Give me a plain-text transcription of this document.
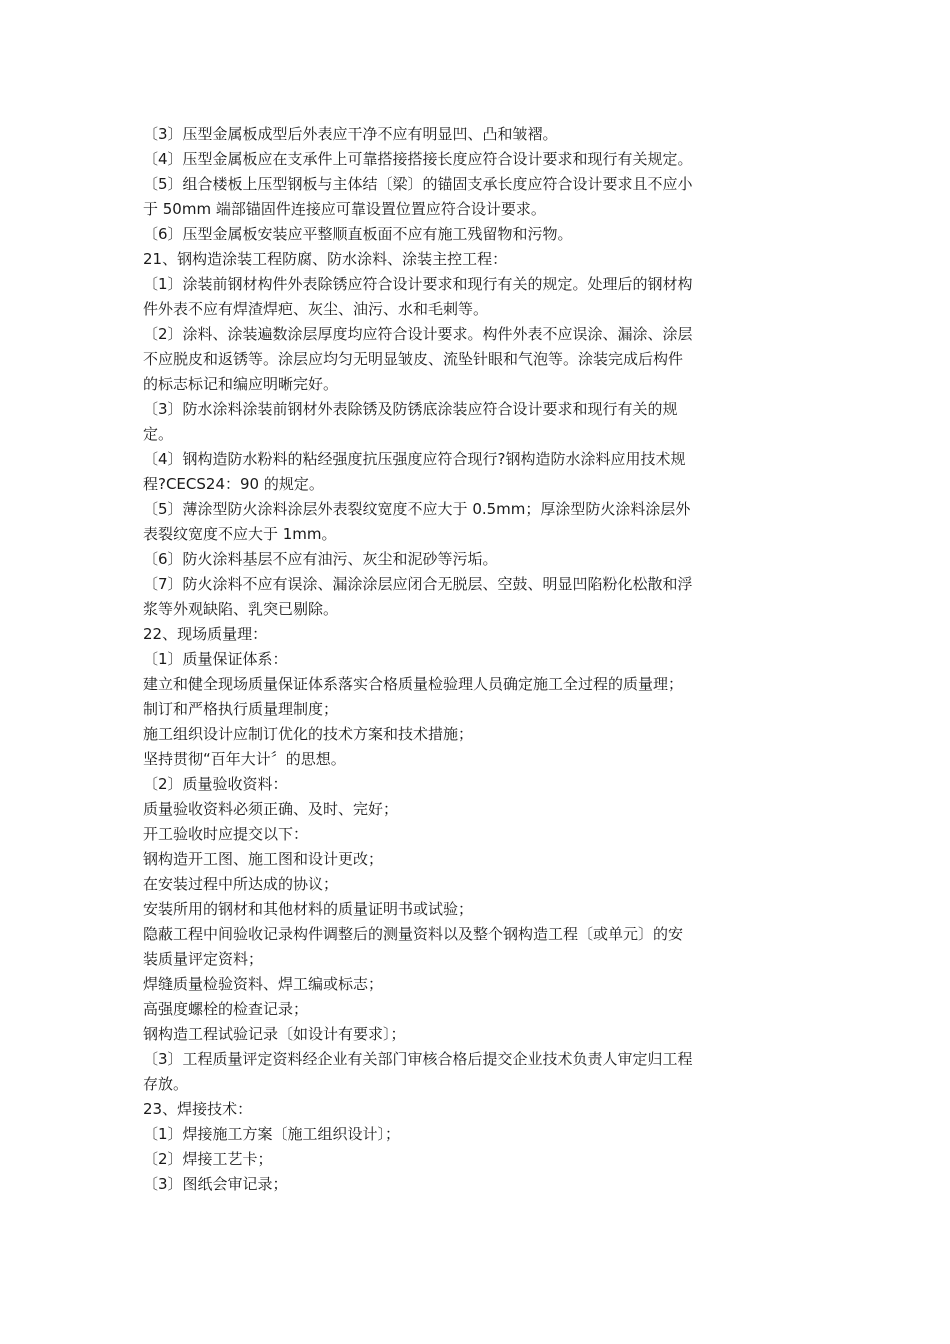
〔3〕压型金属板成型后外表应干净不应有明显凹、凸和皱褶。
〔4〕压型金属板应在支承件上可靠搭接搭接长度应符合设计要求和现行有关规定。
〔5〕组合楼板上压型钢板与主体结〔梁〕的锚固支承长度应符合设计要求且不应小
于 50mm 端部锚固件连接应可靠设置位置应符合设计要求。
〔6〕压型金属板安装应平整顺直板面不应有施工残留物和污物。
21、钢构造涂装工程防腐、防水涂料、涂装主控工程：
〔1〕涂装前钢材构件外表除锈应符合设计要求和现行有关的规定。处理后的钢材构
件外表不应有焊渣焊疤、灰尘、油污、水和毛刺等。
〔2〕涂料、涂装遍数涂层厚度均应符合设计要求。构件外表不应误涂、漏涂、涂层
不应脱皮和返锈等。涂层应均匀无明显皱皮、流坠针眼和气泡等。涂装完成后构件
的标志标记和编应明晰完好。
〔3〕防水涂料涂装前钢材外表除锈及防锈底涂装应符合设计要求和现行有关的规
定。
〔4〕钢构造防水粉料的粘经强度抗压强度应符合现行?钢构造防水涂料应用技术规
程?CECS24：90 的规定。
〔5〕薄涂型防火涂料涂层外表裂纹宽度不应大于 0.5mm；厚涂型防火涂料涂层外
表裂纹宽度不应大于 1mm。
〔6〕防火涂料基层不应有油污、灰尘和泥砂等污垢。
〔7〕防火涂料不应有误涂、漏涂涂层应闭合无脱层、空鼓、明显凹陷粉化松散和浮
浆等外观缺陷、乳突已剔除。
22、现场质量理：
〔1〕质量保证体系：
建立和健全现场质量保证体系落实合格质量检验理人员确定施工全过程的质量理；
制订和严格执行质量理制度；
施工组织设计应制订优化的技术方案和技术措施；
坚持贯彻“百年大计〞的思想。
〔2〕质量验收资料：
质量验收资料必须正确、及时、完好；
开工验收时应提交以下：
钢构造开工图、施工图和设计更改；
在安装过程中所达成的协议；
安装所用的钢材和其他材料的质量证明书或试验；
隐蔽工程中间验收记录构件调整后的测量资料以及整个钢构造工程〔或单元〕的安
装质量评定资料；
焊缝质量检验资料、焊工编或标志；
高强度螺栓的检查记录；
钢构造工程试验记录〔如设计有要求〕；
〔3〕工程质量评定资料经企业有关部门审核合格后提交企业技术负责人审定归工程
存放。
23、焊接技术：
〔1〕焊接施工方案〔施工组织设计〕；
〔2〕焊接工艺卡；
〔3〕图纸会审记录；
